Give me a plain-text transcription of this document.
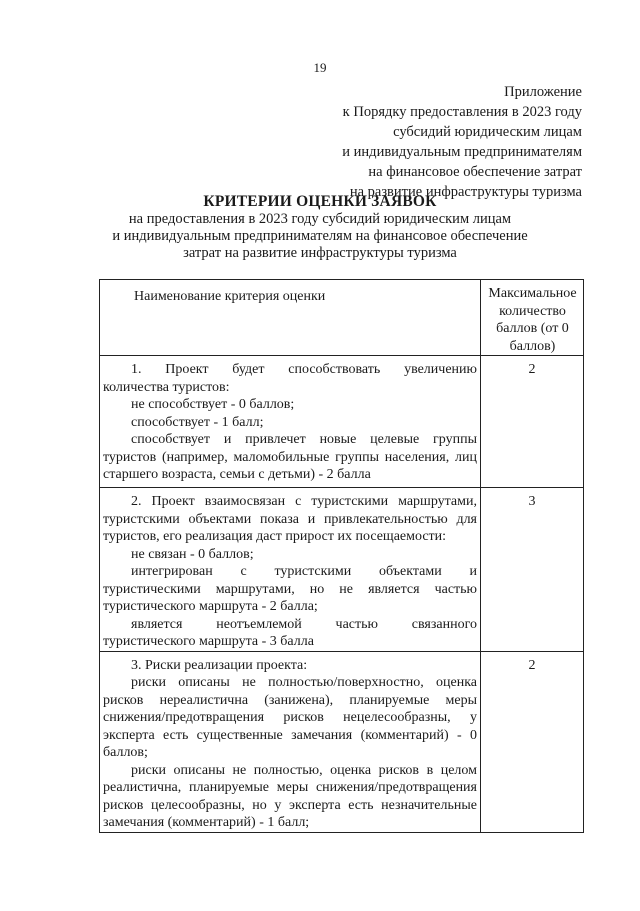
19
Приложение
к Порядку предоставления в 2023 году
субсидий юридическим лицам
и индивидуальным предпринимателям
на финансовое обеспечение затрат
на развитие инфраструктуры туризма
КРИТЕРИИ ОЦЕНКИ ЗАЯВОК
на предоставления в 2023 году субсидий юридическим лицам
и индивидуальным предпринимателям на финансовое обеспечение
затрат на развитие инфраструктуры туризма
Наименование критерия оценки	Максимальное количество баллов (от 0 баллов)

1. Проект будет способствовать увеличению
количества туристов:
не способствует - 0 баллов;
способствует - 1 балл;
способствует и привлечет новые целевые группы туристов (например, маломобильные группы населения, лиц старшего возраста, семьи с детьми) - 2 балла	2

2. Проект взаимосвязан с туристскими маршрутами, туристскими объектами показа и привлекательностью для туристов, его реализация даст прирост их посещаемости:
не связан - 0 баллов;
интегрирован с туристскими объектами и туристическими маршрутами, но не является частью туристического маршрута - 2 балла;
является неотъемлемой частью связанного туристического маршрута - 3 балла	3

3. Риски реализации проекта:
риски описаны не полностью/поверхностно, оценка рисков нереалистична (занижена), планируемые меры снижения/предотвращения рисков нецелесообразны, у эксперта есть существенные замечания (комментарий) - 0 баллов;
риски описаны не полностью, оценка рисков в целом реалистична, планируемые меры снижения/предотвращения рисков целесообразны, но у эксперта есть незначительные замечания (комментарий) - 1 балл;	2
